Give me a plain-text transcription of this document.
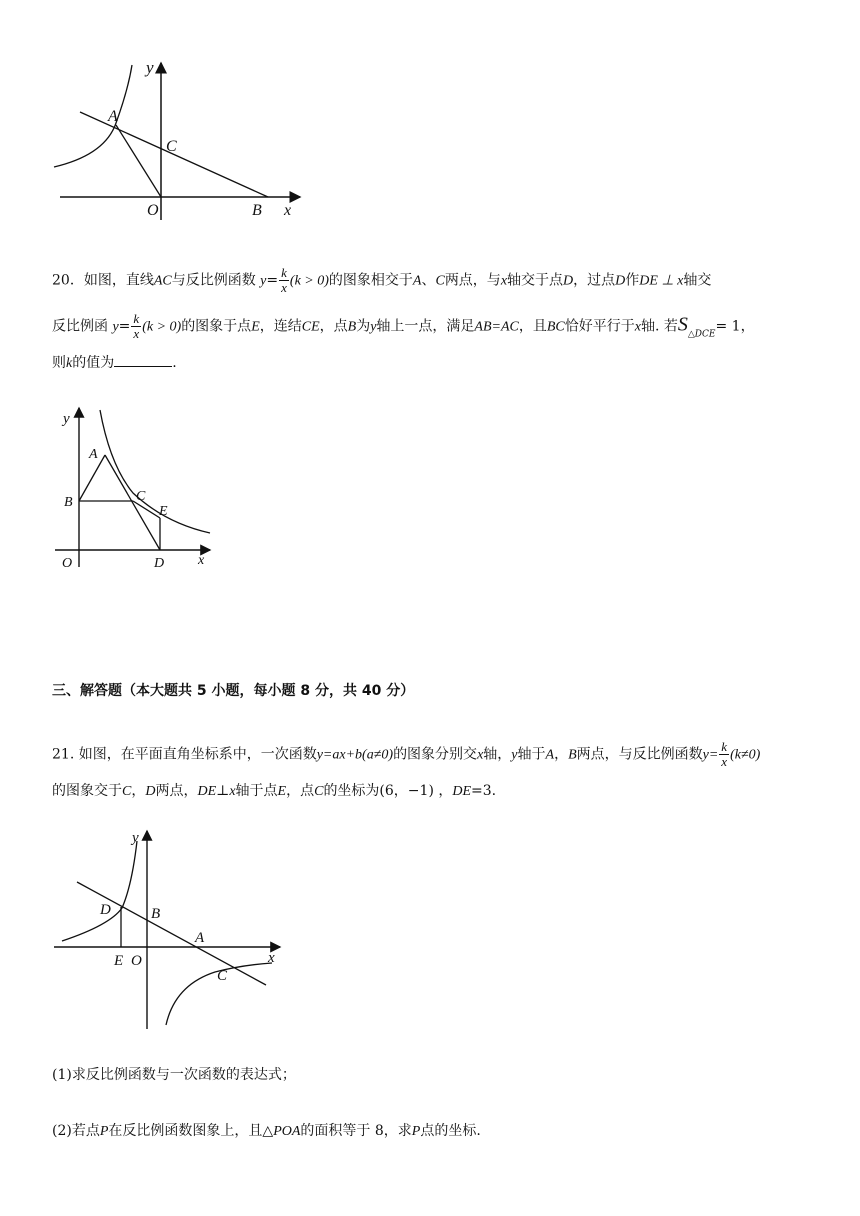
y
A
C
O	B x
20．如图，直线AC与反比例函数 $y= \frac{k}{x} (k > 0)$的图象相交于A、C两点，与x轴交于点D，过点D作DE ⊥ x轴交
反比例函 $y= \frac{k}{x} (k > 0)$的图象于点E，连结CE，点B为y轴上一点，满足AB=AC，且BC恰好平行于x轴. 若$S_{\triangle DCE}= 1$，
则k的值为	.
y
A
B	C
E
O	D x
三、解答题（本大题共 5 小题，每小题 8 分，共 40 分）
21. 如图，在平面直角坐标系中，一次函数y=ax+b(a≠0)的图象分别交x轴，y轴于A，B两点，与反比例函数$y= \frac{k}{x} (k\ne 0)$
的图象交于C，D两点，DE⊥x轴于点E，点C的坐标为(6，−1) ，DE=3.
y
D	B
A
E O
C
x
(1)求反比例函数与一次函数的表达式；
(2)若点P在反比例函数图象上，且△POA的面积等于 8，求P点的坐标.
